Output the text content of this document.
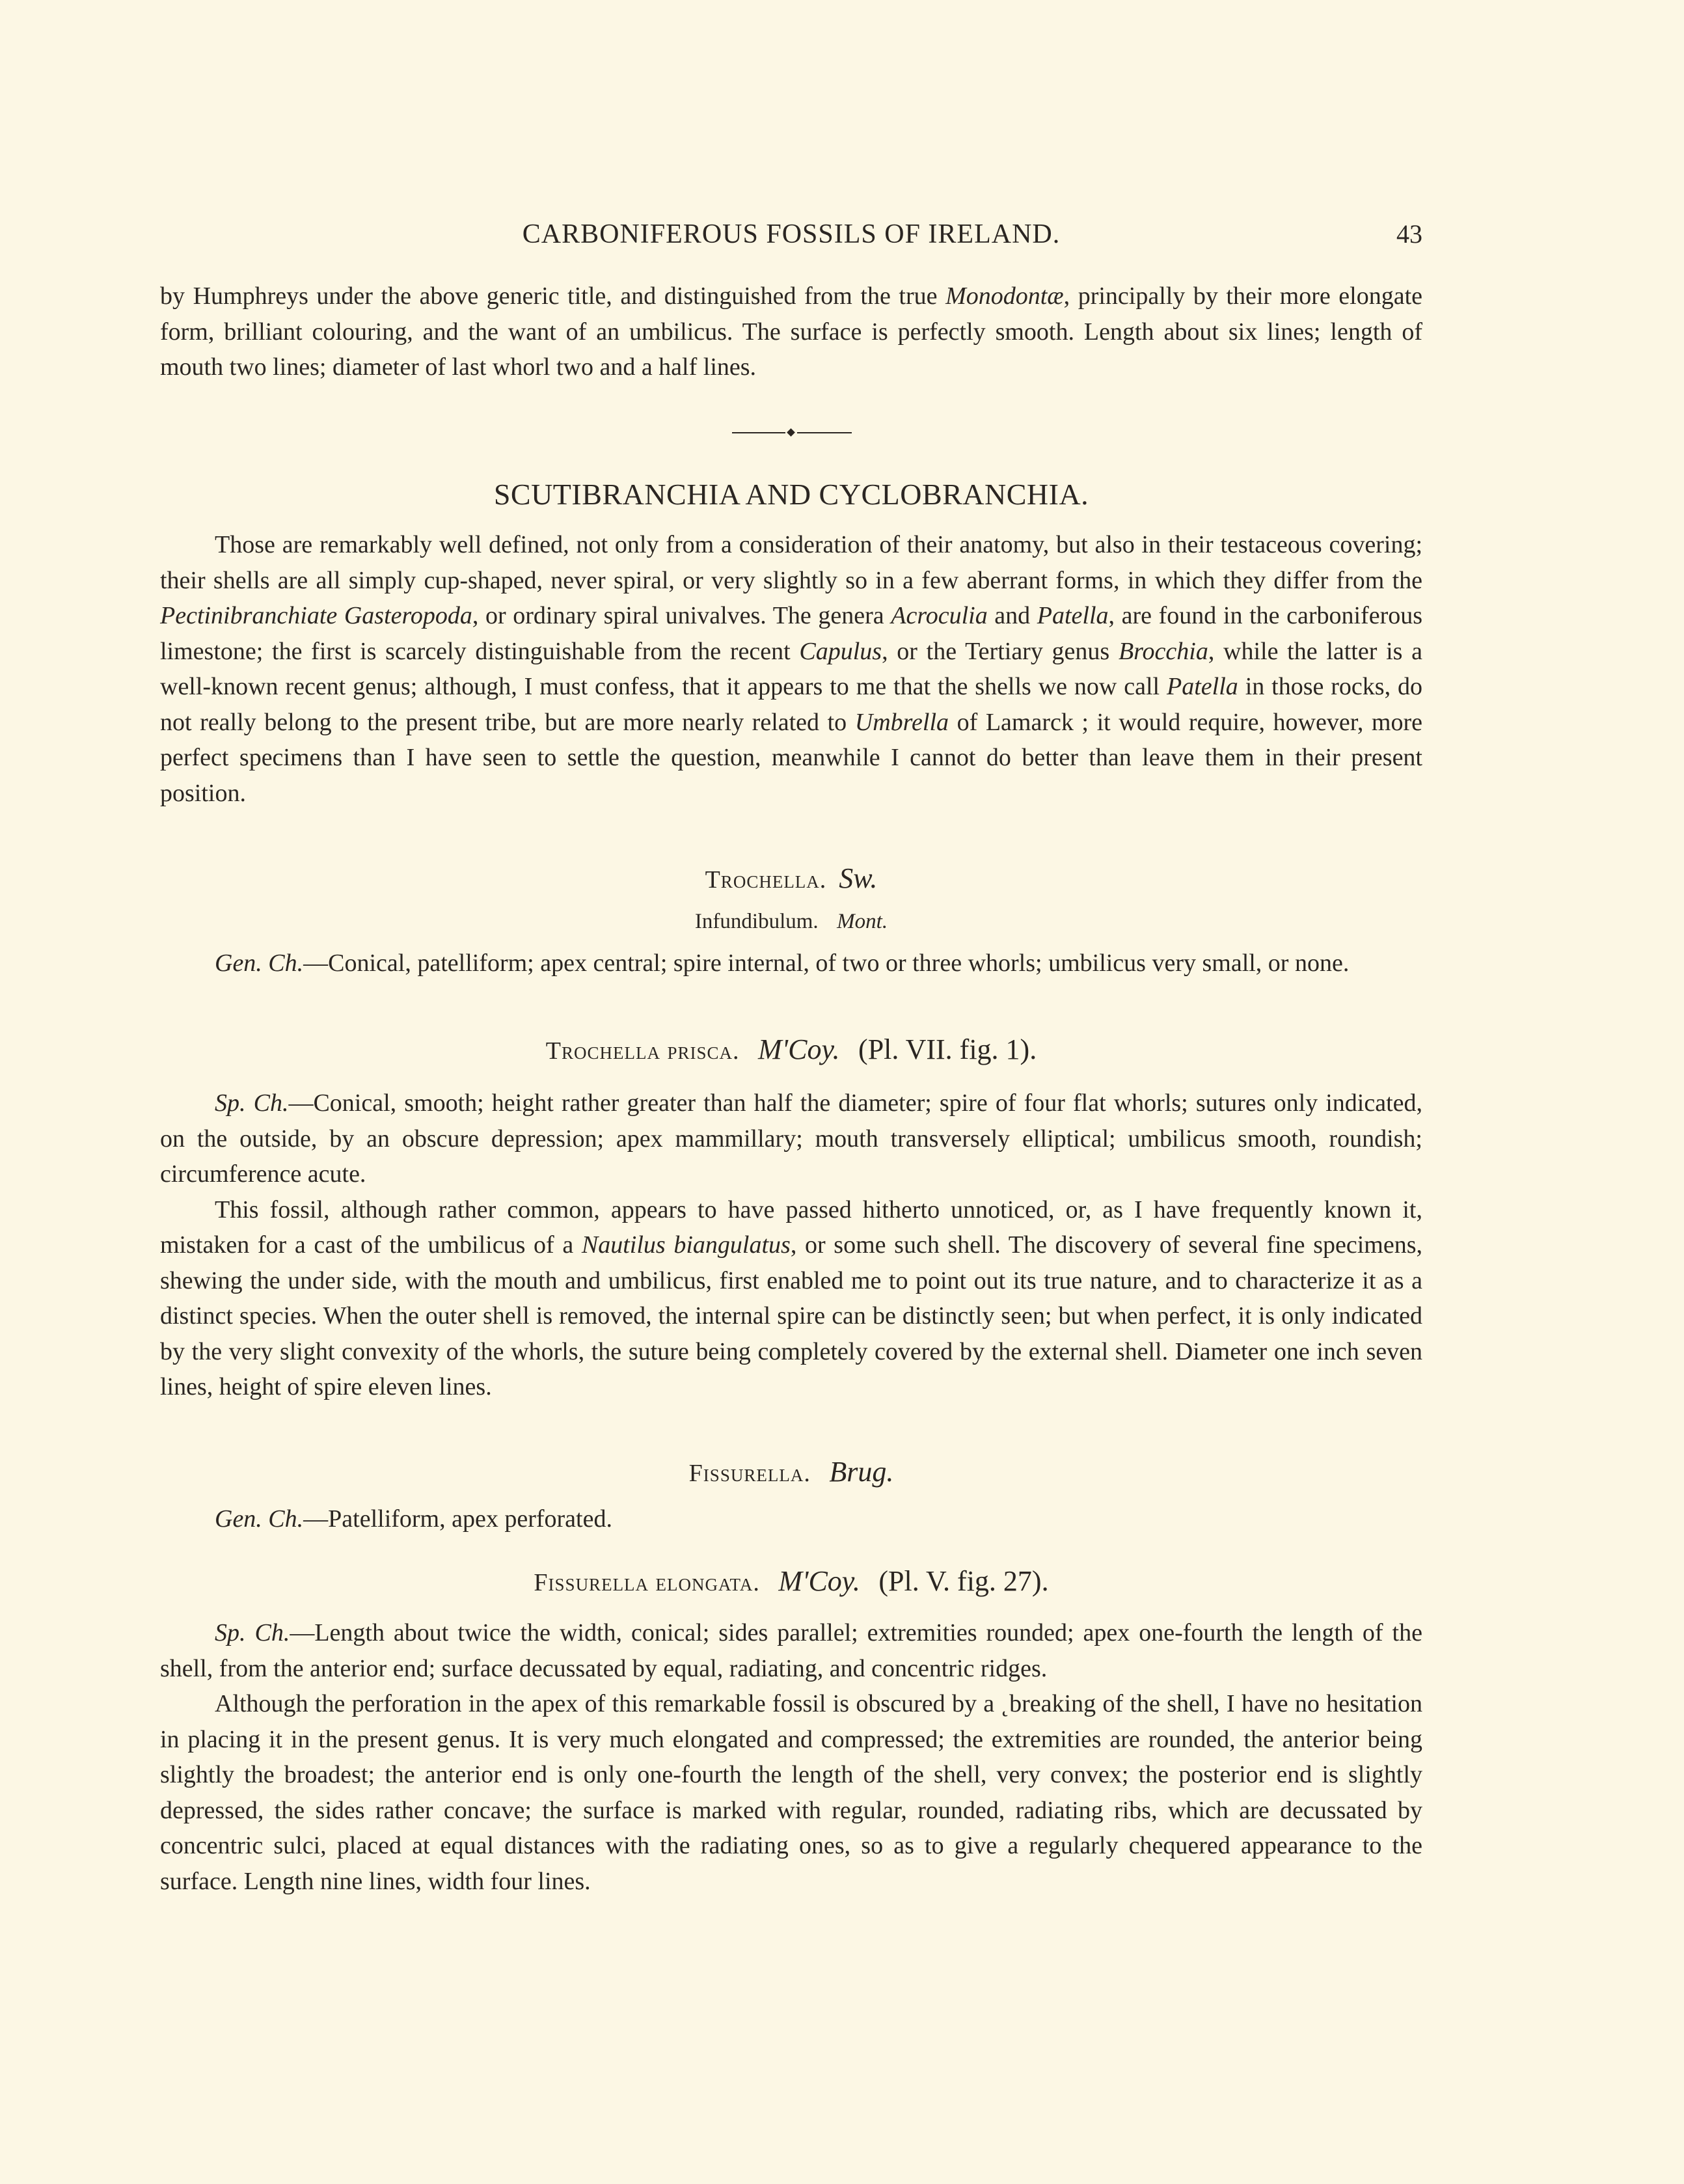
CARBONIFEROUS FOSSILS OF IRELAND.	43

by Humphreys under the above generic title, and distinguished from the true Monodontæ, principally by their more elongate form, brilliant colouring, and the want of an umbilicus. The surface is perfectly smooth. Length about six lines; length of mouth two lines; diameter of last whorl two and a half lines.

SCUTIBRANCHIA AND CYCLOBRANCHIA.

Those are remarkably well defined, not only from a consideration of their anatomy, but also in their testaceous covering; their shells are all simply cup-shaped, never spiral, or very slightly so in a few aberrant forms, in which they differ from the Pectinibranchiate Gasteropoda, or ordinary spiral univalves. The genera Acroculia and Patella, are found in the carboniferous limestone; the first is scarcely distinguishable from the recent Capulus, or the Tertiary genus Brocchia, while the latter is a well-known recent genus; although, I must confess, that it appears to me that the shells we now call Patella in those rocks, do not really belong to the present tribe, but are more nearly related to Umbrella of Lamarck ; it would require, however, more perfect specimens than I have seen to settle the question, meanwhile I cannot do better than leave them in their present position.

Trochella. Sw.
Infundibulum. Mont.

Gen. Ch.—Conical, patelliform; apex central; spire internal, of two or three whorls; umbilicus very small, or none.

Trochella prisca. M'Coy. (Pl. VII. fig. 1).

Sp. Ch.—Conical, smooth; height rather greater than half the diameter; spire of four flat whorls; sutures only indicated, on the outside, by an obscure depression; apex mammillary; mouth transversely elliptical; umbilicus smooth, roundish; circumference acute.

This fossil, although rather common, appears to have passed hitherto unnoticed, or, as I have frequently known it, mistaken for a cast of the umbilicus of a Nautilus biangulatus, or some such shell. The discovery of several fine specimens, shewing the under side, with the mouth and umbilicus, first enabled me to point out its true nature, and to characterize it as a distinct species. When the outer shell is removed, the internal spire can be distinctly seen; but when perfect, it is only indicated by the very slight convexity of the whorls, the suture being completely covered by the external shell. Diameter one inch seven lines, height of spire eleven lines.

Fissurella. Brug.

Gen. Ch.—Patelliform, apex perforated.

Fissurella elongata. M'Coy. (Pl. V. fig. 27).

Sp. Ch.—Length about twice the width, conical; sides parallel; extremities rounded; apex one-fourth the length of the shell, from the anterior end; surface decussated by equal, radiating, and concentric ridges.

Although the perforation in the apex of this remarkable fossil is obscured by a ˛breaking of the shell, I have no hesitation in placing it in the present genus. It is very much elongated and compressed; the extremities are rounded, the anterior being slightly the broadest; the anterior end is only one-fourth the length of the shell, very convex; the posterior end is slightly depressed, the sides rather concave; the surface is marked with regular, rounded, radiating ribs, which are decussated by concentric sulci, placed at equal distances with the radiating ones, so as to give a regularly chequered appearance to the surface. Length nine lines, width four lines.
